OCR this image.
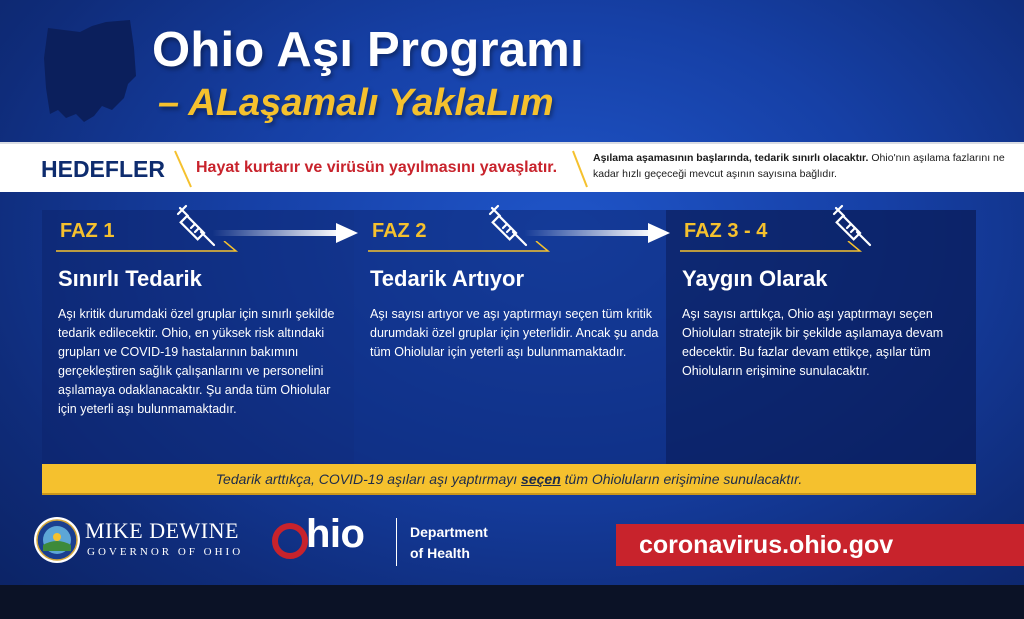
Ohio Aşı Programı
– ALaşamalı YaklaLım
HEDEFLER Hayat kurtarır ve virüsün yayılmasını yavaşlatır.
Aşılama aşamasının başlarında, tedarik sınırlı olacaktır. Ohio'nın aşılama fazlarını ne kadar hızlı geçeceği mevcut aşının sayısına bağlıdır.
FAZ 1
Sınırlı Tedarik
Aşı kritik durumdaki özel gruplar için sınırlı şekilde tedarik edilecektir. Ohio, en yüksek risk altındaki grupları ve COVID-19 hastalarının bakımını gerçekleştiren sağlık çalışanlarını ve personelini aşılamaya odaklanacaktır. Şu anda tüm Ohiolular için yeterli aşı bulunmamaktadır.
FAZ 2
Tedarik Artıyor
Aşı sayısı artıyor ve aşı yaptırmayı seçen tüm kritik durumdaki özel gruplar için yeterlidir. Ancak şu anda tüm Ohiolular için yeterli aşı bulunmamaktadır.
FAZ 3 - 4
Yaygın Olarak
Aşı sayısı arttıkça, Ohio aşı yaptırmayı seçen Ohioluları stratejik bir şekilde aşılamaya devam edecektir. Bu fazlar devam ettikçe, aşılar tüm Ohioluların erişimine sunulacaktır.
Tedarik arttıkça, COVID-19 aşıları aşı yaptırmayı seçen tüm Ohioluların erişimine sunulacaktır.
MIKE DEWINE
GOVERNOR OF OHIO hio	Department
of Health	coronavirus.ohio.gov
